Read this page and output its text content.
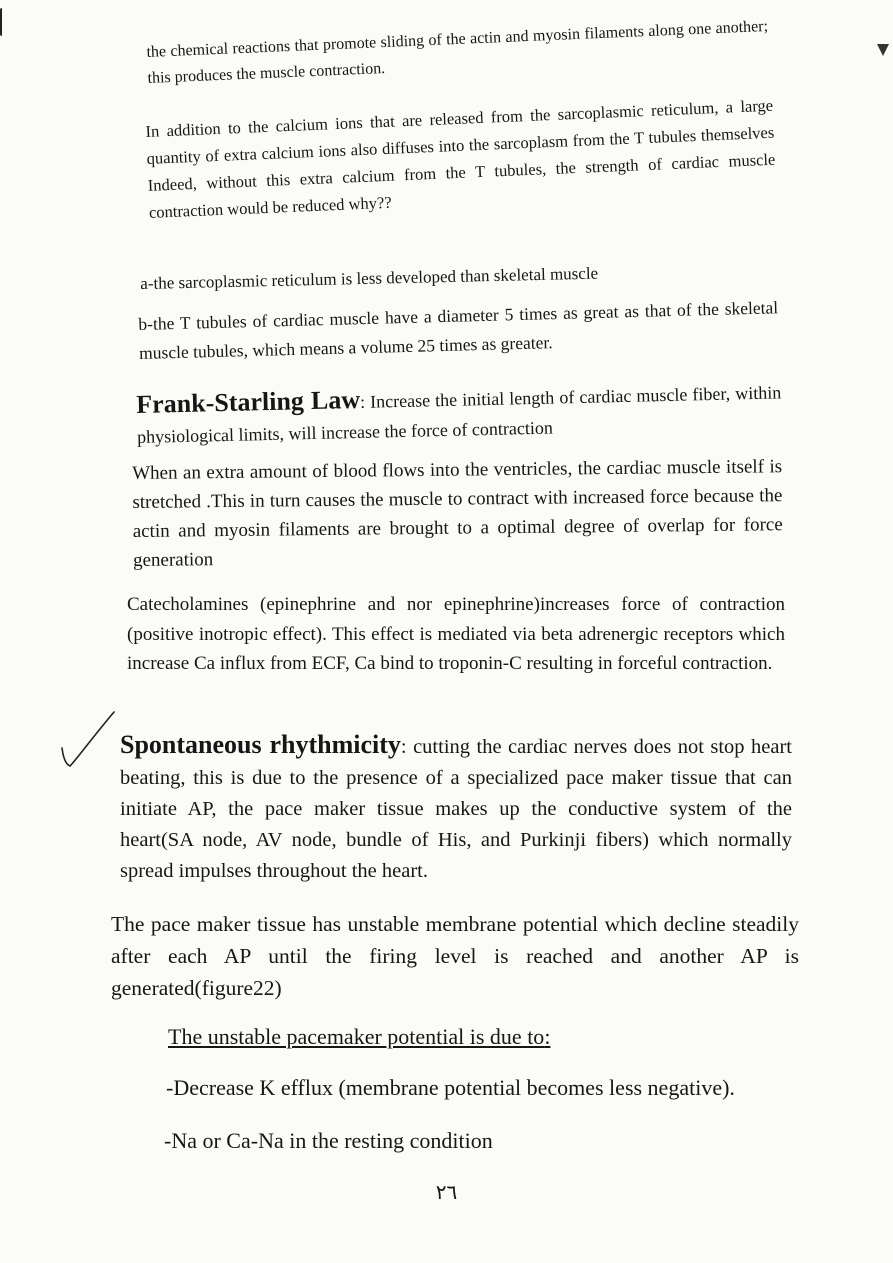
the chemical reactions that promote sliding of the actin and myosin filaments along one another; this produces the muscle contraction.

In addition to the calcium ions that are released from the sarcoplasmic reticulum, a large quantity of extra calcium ions also diffuses into the sarcoplasm from the T tubules themselves Indeed, without this extra calcium from the T tubules, the strength of cardiac muscle contraction would be reduced why??

a-the sarcoplasmic reticulum is less developed than skeletal muscle

b-the T tubules of cardiac muscle have a diameter 5 times as great as that of the skeletal muscle tubules, which means a volume 25 times as greater.

Frank-Starling Law: Increase the initial length of cardiac muscle fiber, within physiological limits, will increase the force of contraction

When an extra amount of blood flows into the ventricles, the cardiac muscle itself is stretched .This in turn causes the muscle to contract with increased force because the actin and myosin filaments are brought to a optimal degree of overlap for force generation

Catecholamines (epinephrine and nor epinephrine)increases force of contraction (positive inotropic effect). This effect is mediated via beta adrenergic receptors which increase Ca influx from ECF, Ca bind to troponin-C resulting in forceful contraction.

Spontaneous rhythmicity: cutting the cardiac nerves does not stop heart beating, this is due to the presence of a specialized pace maker tissue that can initiate AP, the pace maker tissue makes up the conductive system of the heart(SA node, AV node, bundle of His, and Purkinji fibers) which normally spread impulses throughout the heart.

The pace maker tissue has unstable membrane potential which decline steadily after each AP until the firing level is reached and another AP is generated(figure22)

The unstable pacemaker potential is due to:

-Decrease K efflux (membrane potential becomes less negative).

-Na or Ca-Na in the resting condition

٢٦
